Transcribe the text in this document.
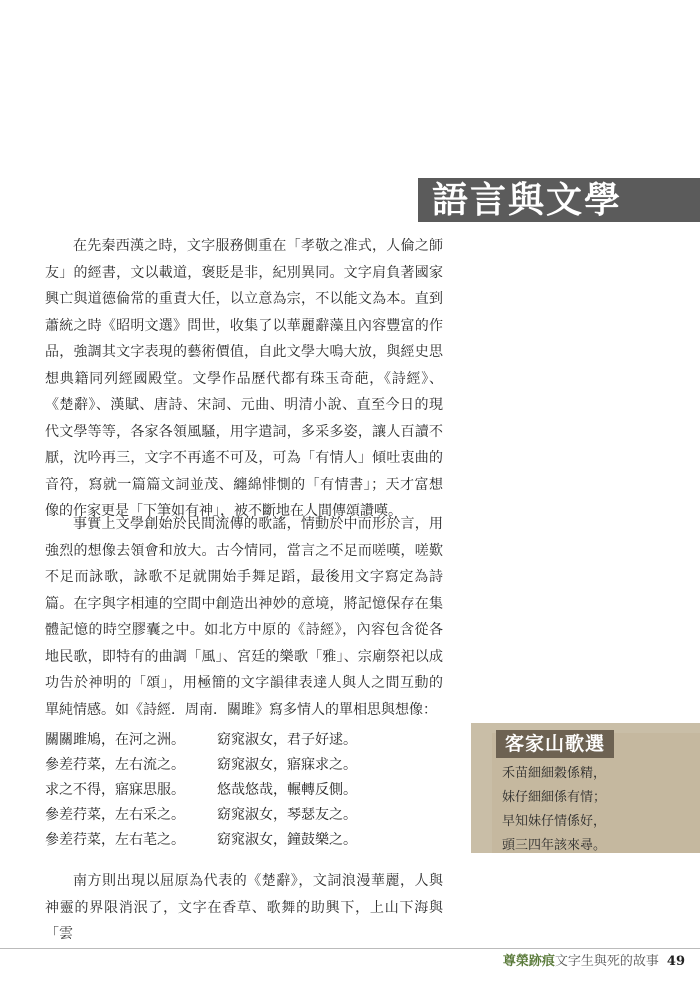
語言與文學

在先秦西漢之時，文字服務側重在「孝敬之准式，人倫之師友」的經書，文以載道，褒貶是非，紀別異同。文字肩負著國家興亡與道德倫常的重責大任，以立意為宗，不以能文為本。直到蕭統之時《昭明文選》問世，收集了以華麗辭藻且內容豐富的作品，強調其文字表現的藝術價值，自此文學大鳴大放，與經史思想典籍同列經國殿堂。文學作品歷代都有珠玉奇葩，《詩經》、《楚辭》、漢賦、唐詩、宋詞、元曲、明清小說、直至今日的現代文學等等，各家各領風騷，用字遣詞，多采多姿，讓人百讀不厭，沈吟再三，文字不再遙不可及，可為「有情人」傾吐衷曲的音符，寫就一篇篇文詞並茂、纏綿悱惻的「有情書」；天才富想像的作家更是「下筆如有神」，被不斷地在人間傳頌讚嘆。

事實上文學創始於民間流傳的歌謠，情動於中而形於言，用強烈的想像去領會和放大。古今情同，當言之不足而嗟嘆，嗟歎不足而詠歌，詠歌不足就開始手舞足蹈，最後用文字寫定為詩篇。在字與字相連的空間中創造出神妙的意境，將記憶保存在集體記憶的時空膠囊之中。如北方中原的《詩經》，內容包含從各地民歌，即特有的曲調「風」、宮廷的樂歌「雅」、宗廟祭祀以成功告於神明的「頌」，用極簡的文字韻律表達人與人之間互動的單純情感。如《詩經．周南．關雎》寫多情人的單相思與想像：

關關雎鳩，在河之洲。 窈窕淑女，君子好逑。
參差荇菜，左右流之。 窈窕淑女，寤寐求之。
求之不得，寤寐思服。 悠哉悠哉，輾轉反側。
參差荇菜，左右采之。 窈窕淑女，琴瑟友之。
參差荇菜，左右芼之。 窈窕淑女，鐘鼓樂之。

南方則出現以屈原為代表的《楚辭》，文詞浪漫華麗，人與神靈的界限消泯了，文字在香草、歌舞的助興下，上山下海與「雲

客家山歌選
禾苗細細穀係精，
妹仔細細係有情；
早知妹仔情係好，
頭三四年該來尋。
尊榮跡痕文字生與死的故事 49
